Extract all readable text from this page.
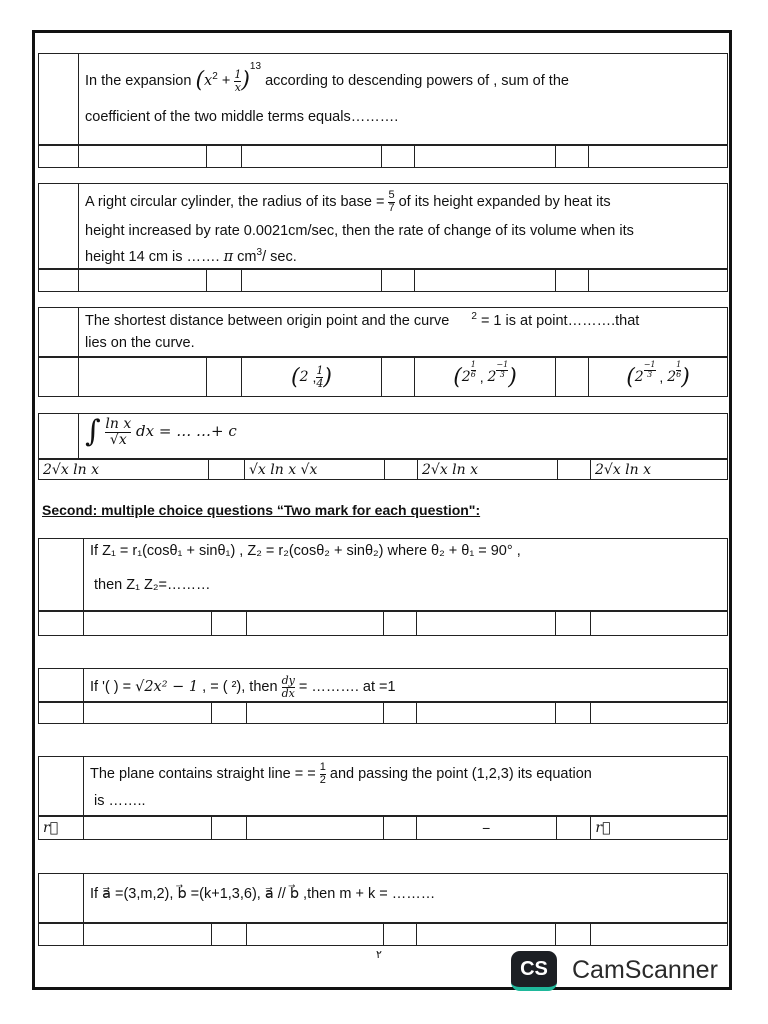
In the expansion $(x^2 + \frac{1}{x} )^{13}$ according to descending powers of , sum of the
coefficient of the two middle terms equals……….
A right circular cylinder, the radius of its base = $\frac{5}{7}$ of its height expanded by heat its
height increased by rate 0.0021cm/sec, then the rate of change of its volume when its
height 14 cm is ……. π $cm^3/$ sec.
The shortest distance between origin point and the curve $^2$ = 1 is at point……….that
lies on the curve.
( 2 , $\frac{1}{4}$ )	( $2 \frac{1}{6}$ , $2 \frac{-1}{3}$ )	( $2 \frac{-1}{3}$ , $2 \frac{1}{6}$ )
∫ $\frac{\text{ln x}}{√x}$ dx = … …+ c
2√x ln x	√x ln x √x	2√x ln x	2√x ln x
Second: multiple choice questions “Two mark for each question":
If Z₁ = r₁(cosθ₁ + sinθ₁) , Z₂ = r₂(cosθ₂ + sinθ₂) where θ₂ + θ₁ = 90° ,
then Z₁ Z₂=………
If '( ) = √2x² − 1 , = ( ²), then $\frac{dy}{dx}$ = ………. at =1
The plane contains straight line = = $\frac{1}{2}$ and passing the point (1,2,3) its equation
is ……..
r⃗	−	r⃗
If a⃗ =(3,m,2), b⃗ =(k+1,3,6), a⃗ // b⃗ ,then m + k = ………
٢
CS CamScanner
